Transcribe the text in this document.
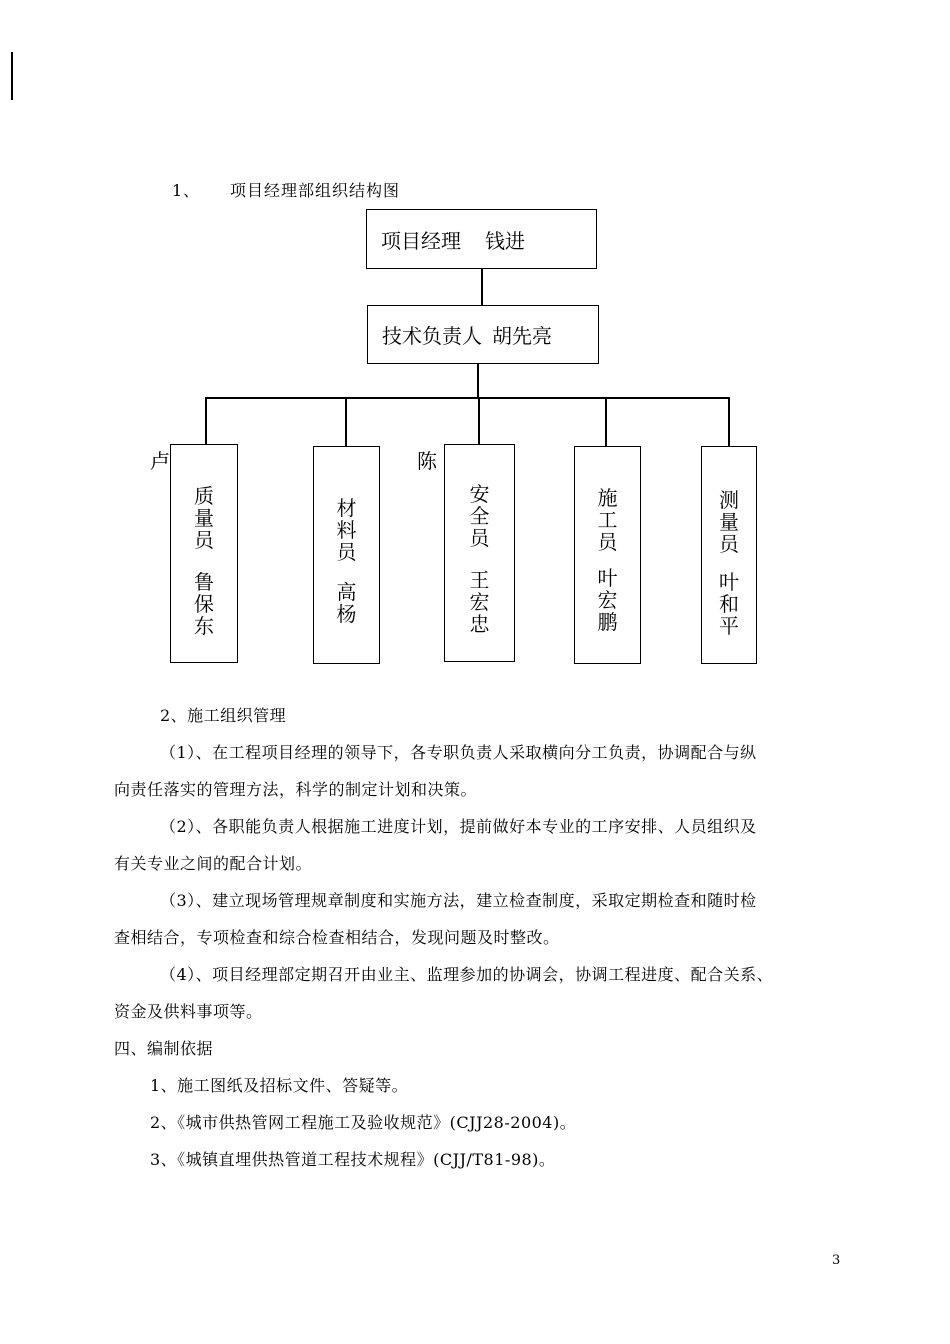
1、 项目经理部组织结构图
项目经理 钱进
技术负责人 胡先亮
卢	陈
质
量
员
鲁
保
东
材
料
员
高
杨
安
全
员
王
宏
忠
施
工
员
叶
宏
鹏
测
量
员
叶
和
平
2、施工组织管理
（1）、在工程项目经理的领导下，各专职负责人采取横向分工负责，协调配合与纵
向责任落实的管理方法，科学的制定计划和决策。
（2）、各职能负责人根据施工进度计划，提前做好本专业的工序安排、人员组织及
有关专业之间的配合计划。
（3）、建立现场管理规章制度和实施方法，建立检查制度，采取定期检查和随时检
查相结合，专项检查和综合检查相结合，发现问题及时整改。
（4）、项目经理部定期召开由业主、监理参加的协调会，协调工程进度、配合关系、
资金及供料事项等。
四、编制依据
1、施工图纸及招标文件、答疑等。
2、《城市供热管网工程施工及验收规范》(CJJ28-2004)。
3、《城镇直埋供热管道工程技术规程》(CJJ/T81-98)。
3
